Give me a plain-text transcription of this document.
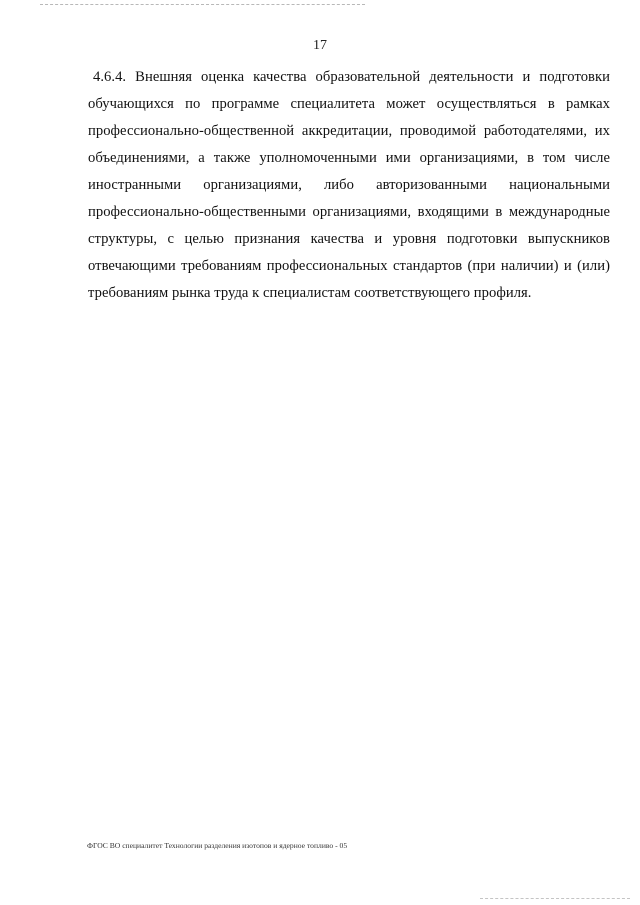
17

4.6.4. Внешняя оценка качества образовательной деятельности и подготовки обучающихся по программе специалитета может осуществляться в рамках профессионально-общественной аккредитации, проводимой работодателями, их объединениями, а также уполномоченными ими организациями, в том числе иностранными организациями, либо авторизованными национальными профессионально-общественными организациями, входящими в международные структуры, с целью признания качества и уровня подготовки выпускников отвечающими требованиям профессиональных стандартов (при наличии) и (или) требованиям рынка труда к специалистам соответствующего профиля.

ФГОС ВО специалитет Технологии разделения изотопов и ядерное топливо - 05
